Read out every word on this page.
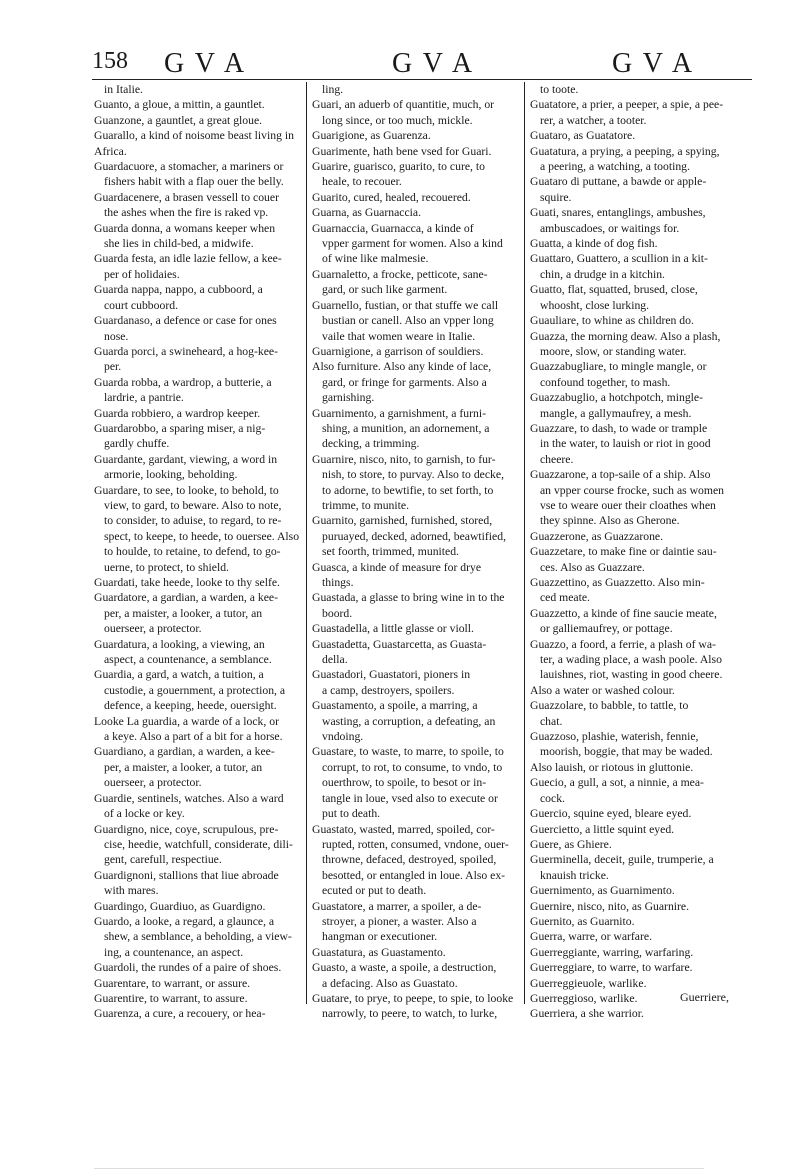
158 G V A	G V A	G V A
in Italie.
Guanto, a gloue, a mittin, a gauntlet.
Guanzone, a gauntlet, a great gloue.
Guarallo, a kind of noisome beast living in
Africa.
Guardacuore, a stomacher, a mariners or
fishers habit with a flap ouer the belly.
Guardacenere, a brasen vessell to couer
the ashes when the fire is raked vp.
Guarda donna, a womans keeper when
she lies in child-bed, a midwife.
Guarda festa, an idle lazie fellow, a kee-
per of holidaies.
Guarda nappa, nappo, a cubboord, a
court cubboord.
Guardanaso, a defence or case for ones
nose.
Guarda porci, a swineheard, a hog-kee-
per.
Guarda robba, a wardrop, a butterie, a
lardrie, a pantrie.
Guarda robbiero, a wardrop keeper.
Guardarobbo, a sparing miser, a nig-
gardly chuffe.
Guardante, gardant, viewing, a word in
armorie, looking, beholding.
Guardare, to see, to looke, to behold, to
view, to gard, to beware. Also to note,
to consider, to aduise, to regard, to re-
spect, to keepe, to heede, to ouersee. Also
to houlde, to retaine, to defend, to go-
uerne, to protect, to shield.
Guardati, take heede, looke to thy selfe.
Guardatore, a gardian, a warden, a kee-
per, a maister, a looker, a tutor, an
ouerseer, a protector.
Guardatura, a looking, a viewing, an
aspect, a countenance, a semblance.
Guardia, a gard, a watch, a tuition, a
custodie, a gouernment, a protection, a
defence, a keeping, heede, ouersight.
Looke La guardia, a warde of a lock, or
a keye. Also a part of a bit for a horse.
Guardiano, a gardian, a warden, a kee-
per, a maister, a looker, a tutor, an
ouerseer, a protector.
Guardie, sentinels, watches. Also a ward
of a locke or key.
Guardigno, nice, coye, scrupulous, pre-
cise, heedie, watchfull, considerate, dili-
gent, carefull, respectiue.
Guardignoni, stallions that liue abroade
with mares.
Guardingo, Guardiuo, as Guardigno.
Guardo, a looke, a regard, a glaunce, a
shew, a semblance, a beholding, a view-
ing, a countenance, an aspect.
Guardoli, the rundes of a paire of shoes.
Guarentare, to warrant, or assure.
Guarentire, to warrant, to assure.
Guarenza, a cure, a recouery, or hea-
ling.
Guari, an aduerb of quantitie, much, or
long since, or too much, mickle.
Guarigione, as Guarenza.
Guarimente, hath bene vsed for Guari.
Guarire, guarisco, guarito, to cure, to
heale, to recouer.
Guarito, cured, healed, recouered.
Guarna, as Guarnaccia.
Guarnaccia, Guarnacca, a kinde of
vpper garment for women. Also a kind
of wine like malmesie.
Guarnaletto, a frocke, petticote, sane-
gard, or such like garment.
Guarnello, fustian, or that stuffe we call
bustian or canell. Also an vpper long
vaile that women weare in Italie.
Guarnigione, a garrison of souldiers.
Also furniture. Also any kinde of lace,
gard, or fringe for garments. Also a
garnishing.
Guarnimento, a garnishment, a furni-
shing, a munition, an adornement, a
decking, a trimming.
Guarnire, nisco, nito, to garnish, to fur-
nish, to store, to purvay. Also to decke,
to adorne, to bewtifie, to set forth, to
trimme, to munite.
Guarnito, garnished, furnished, stored,
puruayed, decked, adorned, beawtified,
set foorth, trimmed, munited.
Guasca, a kinde of measure for drye
things.
Guastada, a glasse to bring wine in to the
boord.
Guastadella, a little glasse or violl.
Guastadetta, Guastarcetta, as Guasta-
della.
Guastadori, Guastatori, pioners in
a camp, destroyers, spoilers.
Guastamento, a spoile, a marring, a
wasting, a corruption, a defeating, an
vndoing.
Guastare, to waste, to marre, to spoile, to
corrupt, to rot, to consume, to vndo, to
ouerthrow, to spoile, to besot or in-
tangle in loue, vsed also to execute or
put to death.
Guastato, wasted, marred, spoiled, cor-
rupted, rotten, consumed, vndone, ouer-
throwne, defaced, destroyed, spoiled,
besotted, or entangled in loue. Also ex-
ecuted or put to death.
Guastatore, a marrer, a spoiler, a de-
stroyer, a pioner, a waster. Also a
hangman or executioner.
Guastatura, as Guastamento.
Guasto, a waste, a spoile, a destruction,
a defacing. Also as Guastato.
Guatare, to prye, to peepe, to spie, to looke
narrowly, to peere, to watch, to lurke,
to toote.
Guatatore, a prier, a peeper, a spie, a pee-
rer, a watcher, a tooter.
Guataro, as Guatatore.
Guatatura, a prying, a peeping, a spying,
a peering, a watching, a tooting.
Guataro di puttane, a bawde or apple-
squire.
Guati, snares, entanglings, ambushes,
ambuscadoes, or waitings for.
Guatta, a kinde of dog fish.
Guattaro, Guattero, a scullion in a kit-
chin, a drudge in a kitchin.
Guatto, flat, squatted, brused, close,
whoosht, close lurking.
Guauliare, to whine as children do.
Guazza, the morning deaw. Also a plash,
moore, slow, or standing water.
Guazzabugliare, to mingle mangle, or
confound together, to mash.
Guazzabuglio, a hotchpotch, mingle-
mangle, a gallymaufrey, a mesh.
Guazzare, to dash, to wade or trample
in the water, to lauish or riot in good
cheere.
Guazzarone, a top-saile of a ship. Also
an vpper course frocke, such as women
vse to weare ouer their cloathes when
they spinne. Also as Gherone.
Guazzerone, as Guazzarone.
Guazzetare, to make fine or daintie sau-
ces. Also as Guazzare.
Guazzettino, as Guazzetto. Also min-
ced meate.
Guazzetto, a kinde of fine saucie meate,
or galliemaufrey, or pottage.
Guazzo, a foord, a ferrie, a plash of wa-
ter, a wading place, a wash poole. Also
lauishnes, riot, wasting in good cheere.
Also a water or washed colour.
Guazzolare, to babble, to tattle, to
chat.
Guazzoso, plashie, waterish, fennie,
moorish, boggie, that may be waded.
Also lauish, or riotous in gluttonie.
Guecio, a gull, a sot, a ninnie, a mea-
cock.
Guercio, squine eyed, bleare eyed.
Guercietto, a little squint eyed.
Guere, as Ghiere.
Guerminella, deceit, guile, trumperie, a
knauish tricke.
Guernimento, as Guarnimento.
Guernire, nisco, nito, as Guarnire.
Guernito, as Guarnito.
Guerra, warre, or warfare.
Guerreggiante, warring, warfaring.
Guerreggiare, to warre, to warfare.
Guerreggieuole, warlike.
Guerreggioso, warlike.
Guerriera, a she warrior.
Guerriere,
